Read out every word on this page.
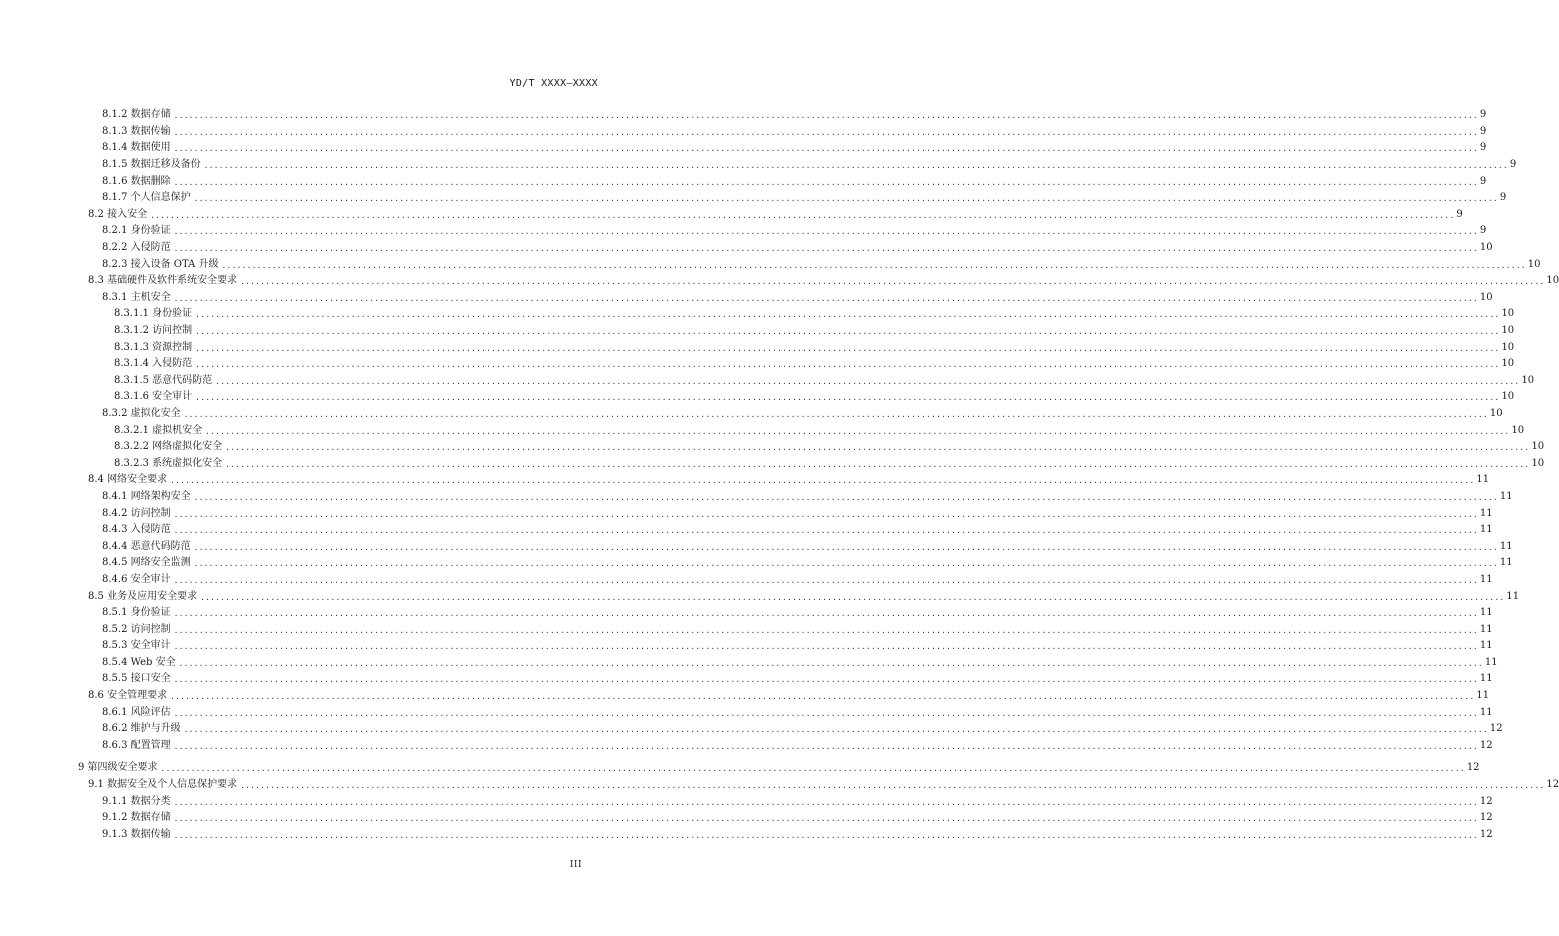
YD/T XXXX—XXXX
8.1.2 数据存储 .................................................................................................................................................................................................................................................................... 9
8.1.3 数据传输 .................................................................................................................................................................................................................................................................... 9
8.1.4 数据使用 .................................................................................................................................................................................................................................................................... 9
8.1.5 数据迁移及备份 .................................................................................................................................................................................................................................................................... 9
8.1.6 数据删除 .................................................................................................................................................................................................................................................................... 9
8.1.7 个人信息保护 .................................................................................................................................................................................................................................................................... 9
8.2 接入安全 .................................................................................................................................................................................................................................................................... 9
8.2.1 身份验证 .................................................................................................................................................................................................................................................................... 9
8.2.2 入侵防范 .................................................................................................................................................................................................................................................................... 10
8.2.3 接入设备 OTA 升级 .................................................................................................................................................................................................................................................................... 10
8.3 基础硬件及软件系统安全要求 .................................................................................................................................................................................................................................................................... 10
8.3.1 主机安全 .................................................................................................................................................................................................................................................................... 10
8.3.1.1 身份验证 .................................................................................................................................................................................................................................................................... 10
8.3.1.2 访问控制 .................................................................................................................................................................................................................................................................... 10
8.3.1.3 资源控制 .................................................................................................................................................................................................................................................................... 10
8.3.1.4 入侵防范 .................................................................................................................................................................................................................................................................... 10
8.3.1.5 恶意代码防范 .................................................................................................................................................................................................................................................................... 10
8.3.1.6 安全审计 .................................................................................................................................................................................................................................................................... 10
8.3.2 虚拟化安全 .................................................................................................................................................................................................................................................................... 10
8.3.2.1 虚拟机安全 .................................................................................................................................................................................................................................................................... 10
8.3.2.2 网络虚拟化安全 .................................................................................................................................................................................................................................................................... 10
8.3.2.3 系统虚拟化安全 .................................................................................................................................................................................................................................................................... 10
8.4 网络安全要求 .................................................................................................................................................................................................................................................................... 11
8.4.1 网络架构安全 .................................................................................................................................................................................................................................................................... 11
8.4.2 访问控制 .................................................................................................................................................................................................................................................................... 11
8.4.3 入侵防范 .................................................................................................................................................................................................................................................................... 11
8.4.4 恶意代码防范 .................................................................................................................................................................................................................................................................... 11
8.4.5 网络安全监测 .................................................................................................................................................................................................................................................................... 11
8.4.6 安全审计 .................................................................................................................................................................................................................................................................... 11
8.5 业务及应用安全要求 .................................................................................................................................................................................................................................................................... 11
8.5.1 身份验证 .................................................................................................................................................................................................................................................................... 11
8.5.2 访问控制 .................................................................................................................................................................................................................................................................... 11
8.5.3 安全审计 .................................................................................................................................................................................................................................................................... 11
8.5.4 Web 安全 .................................................................................................................................................................................................................................................................... 11
8.5.5 接口安全 .................................................................................................................................................................................................................................................................... 11
8.6 安全管理要求 .................................................................................................................................................................................................................................................................... 11
8.6.1 风险评估 .................................................................................................................................................................................................................................................................... 11
8.6.2 维护与升级 .................................................................................................................................................................................................................................................................... 12
8.6.3 配置管理 .................................................................................................................................................................................................................................................................... 12
9 第四级安全要求 .................................................................................................................................................................................................................................................................... 12
9.1 数据安全及个人信息保护要求 .................................................................................................................................................................................................................................................................... 12
9.1.1 数据分类 .................................................................................................................................................................................................................................................................... 12
9.1.2 数据存储 .................................................................................................................................................................................................................................................................... 12
9.1.3 数据传输 .................................................................................................................................................................................................................................................................... 12
III
